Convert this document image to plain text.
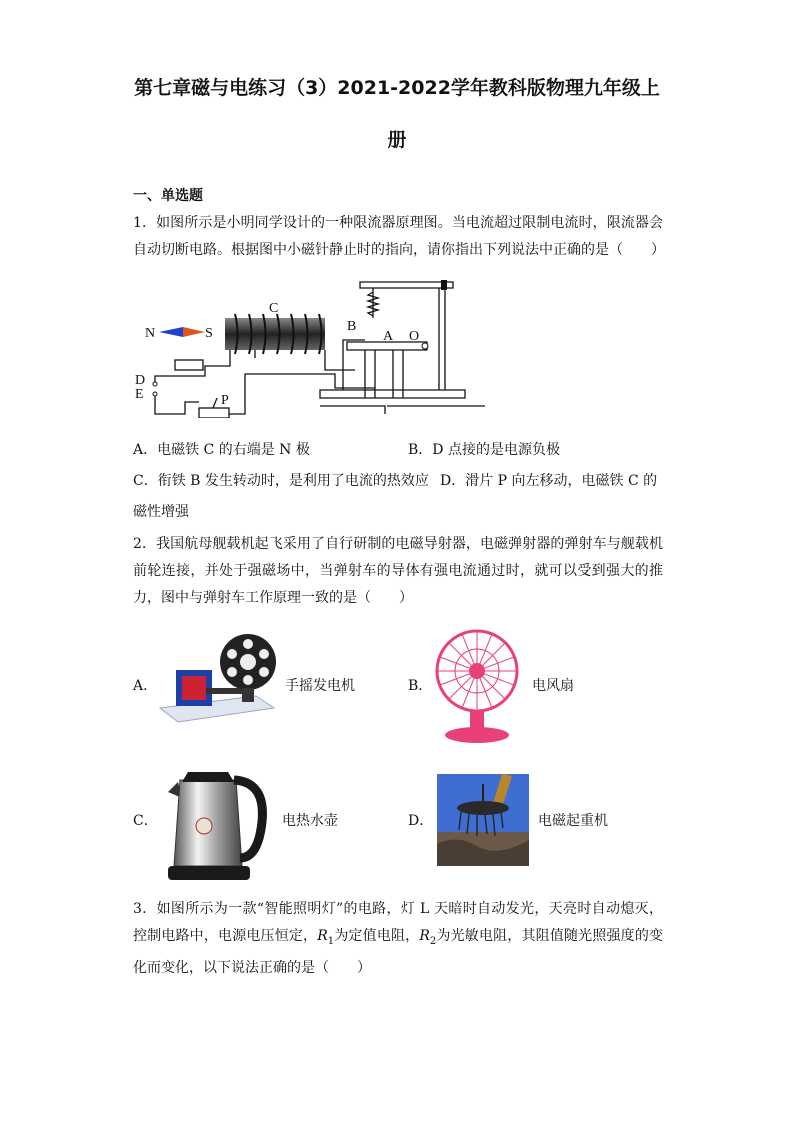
第七章磁与电练习（3）2021-2022学年教科版物理九年级上
册
一、单选题
1．如图所示是小明同学设计的一种限流器原理图。当电流超过限制电流时，限流器会自动切断电路。根据图中小磁针静止时的指向，请你指出下列说法中正确的是（　　）
N	S
C
D
E	P
B
A O
A．电磁铁 C 的右端是 N 极	B．D 点接的是电源负极
C．衔铁 B 发生转动时，是利用了电流的热效应 D．滑片 P 向左移动，电磁铁 C 的
磁性增强
2．我国航母舰载机起飞采用了自行研制的电磁导射器，电磁弹射器的弹射车与舰载机前轮连接，并处于强磁场中，当弹射车的导体有强电流通过时，就可以受到强大的推力，图中与弹射车工作原理一致的是（　　）
A．	手摇发电机	B．	电风扇
C．	电热水壶	D．	电磁起重机
3．如图所示为一款“智能照明灯”的电路，灯 L 天暗时自动发光，天亮时自动熄灭，控制电路中，电源电压恒定，$R_1$为定值电阻，$R_2$为光敏电阻，其阻值随光照强度的变化而变化，以下说法正确的是（　　）
